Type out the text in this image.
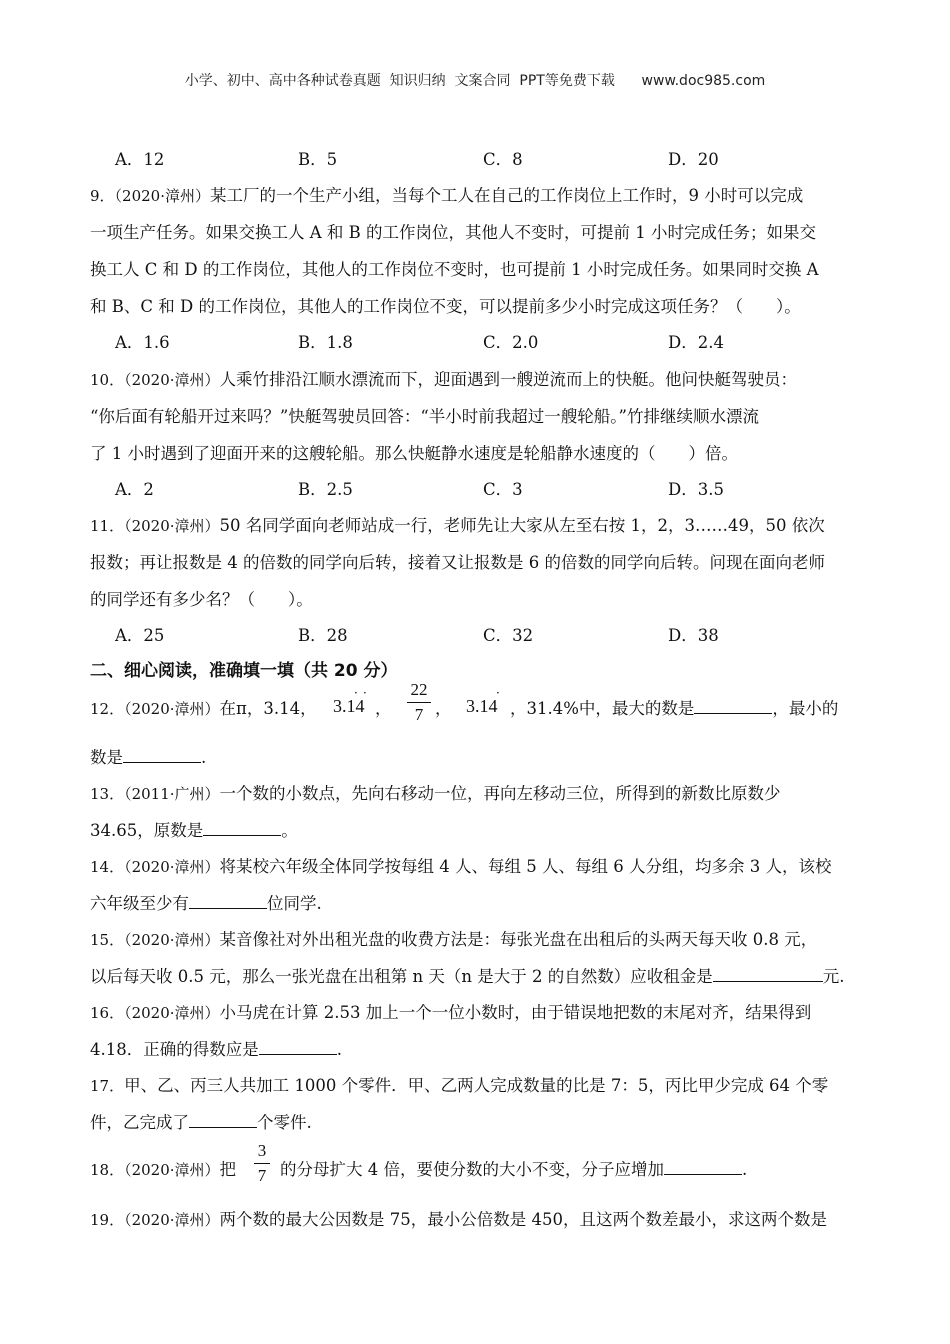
小学、初中、高中各种试卷真题  知识归纳  文案合同  PPT等免费下载      www.doc985.com
A．12	B．5	C．8	D．20
9．（2020·漳州）某工厂的一个生产小组，当每个工人在自己的工作岗位上工作时，9 小时可以完成
一项生产任务。如果交换工人 A 和 B 的工作岗位，其他人不变时，可提前 1 小时完成任务；如果交
换工人 C 和 D 的工作岗位，其他人的工作岗位不变时，也可提前 1 小时完成任务。如果同时交换 A
和 B、C 和 D 的工作岗位，其他人的工作岗位不变，可以提前多少小时完成这项任务？（　　）。
A．1.6	B．1.8	C．2.0	D．2.4
10．（2020·漳州）人乘竹排沿江顺水漂流而下，迎面遇到一艘逆流而上的快艇。他问快艇驾驶员：
“你后面有轮船开过来吗？”快艇驾驶员回答：“半小时前我超过一艘轮船。”竹排继续顺水漂流
了 1 小时遇到了迎面开来的这艘轮船。那么快艇静水速度是轮船静水速度的（　　）倍。
A．2	B．2.5	C．3	D．3.5
11．（2020·漳州）50 名同学面向老师站成一行，老师先让大家从左至右按 1，2，3……49，50 依次
报数；再让报数是 4 的倍数的同学向后转，接着又让报数是 6 的倍数的同学向后转。问现在面向老师
的同学还有多少名？（　　）。
A．25	B．28	C．32	D．38
二、细心阅读，准确填一填（共 20 分）
12．（2020·漳州）在π，3.14， 3.14
· ·
，
22
7 ， 3.14
·
，31.4%中，最大的数是	，最小的
数是	.
13．（2011·广州）一个数的小数点，先向右移动一位，再向左移动三位，所得到的新数比原数少
34.65，原数是	。
14．（2020·漳州）将某校六年级全体同学按每组 4 人、每组 5 人、每组 6 人分组，均多余 3 人，该校
六年级至少有	位同学.
15．（2020·漳州）某音像社对外出租光盘的收费方法是：每张光盘在出租后的头两天每天收 0.8 元，
以后每天收 0.5 元，那么一张光盘在出租第 n 天（n 是大于 2 的自然数）应收租金是	元.
16．（2020·漳州）小马虎在计算 2.53 加上一个一位小数时，由于错误地把数的末尾对齐，结果得到
4.18．正确的得数应是	.
17．甲、乙、丙三人共加工 1000 个零件．甲、乙两人完成数量的比是 7：5，丙比甲少完成 64 个零
件，乙完成了	个零件.
18．（2020·漳州）把
3
7 的分母扩大 4 倍，要使分数的大小不变，分子应增加	.
19．（2020·漳州）两个数的最大公因数是 75，最小公倍数是 450，且这两个数差最小，求这两个数是
